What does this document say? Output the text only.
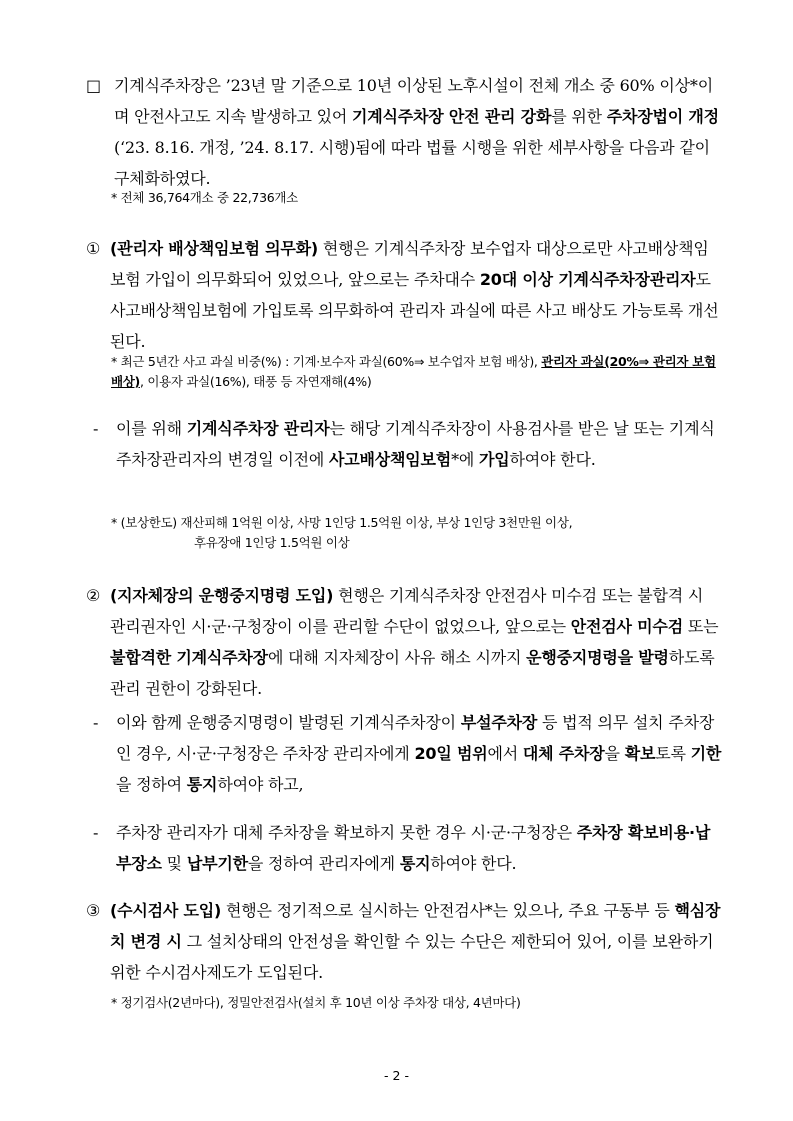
□ 기계식주차장은 ’23년 말 기준으로 10년 이상된 노후시설이 전체 개소 중 60% 이상*이며 안전사고도 지속 발생하고 있어 기계식주차장 안전 관리 강화를 위한 주차장법이 개정(‘23. 8.16. 개정, ’24. 8.17. 시행)됨에 따라 법률 시행을 위한 세부사항을 다음과 같이 구체화하였다.
* 전체 36,764개소 중 22,736개소
① (관리자 배상책임보험 의무화) 현행은 기계식주차장 보수업자 대상으로만 사고배상책임보험 가입이 의무화되어 있었으나, 앞으로는 주차대수 20대 이상 기계식주차장관리자도 사고배상책임보험에 가입토록 의무화하여 관리자 과실에 따른 사고 배상도 가능토록 개선된다.
* 최근 5년간 사고 과실 비중(%) : 기계·보수자 과실(60%⇒ 보수업자 보험 배상), 관리자 과실(20%⇒ 관리자 보험 배상), 이용자 과실(16%), 태풍 등 자연재해(4%)
- 이를 위해 기계식주차장 관리자는 해당 기계식주차장이 사용검사를 받은 날 또는 기계식주차장관리자의 변경일 이전에 사고배상책임보험*에 가입하여야 한다.
* (보상한도) 재산피해 1억원 이상, 사망 1인당 1.5억원 이상, 부상 1인당 3천만원 이상,
후유장애 1인당 1.5억원 이상
② (지자체장의 운행중지명령 도입) 현행은 기계식주차장 안전검사 미수검 또는 불합격 시 관리권자인 시·군·구청장이 이를 관리할 수단이 없었으나, 앞으로는 안전검사 미수검 또는 불합격한 기계식주차장에 대해 지자체장이 사유 해소 시까지 운행중지명령을 발령하도록 관리 권한이 강화된다.
- 이와 함께 운행중지명령이 발령된 기계식주차장이 부설주차장 등 법적 의무 설치 주차장인 경우, 시·군·구청장은 주차장 관리자에게 20일 범위에서 대체 주차장을 확보토록 기한을 정하여 통지하여야 하고,
- 주차장 관리자가 대체 주차장을 확보하지 못한 경우 시·군·구청장은 주차장 확보비용·납부장소 및 납부기한을 정하여 관리자에게 통지하여야 한다.
③ (수시검사 도입) 현행은 정기적으로 실시하는 안전검사*는 있으나, 주요 구동부 등 핵심장치 변경 시 그 설치상태의 안전성을 확인할 수 있는 수단은 제한되어 있어, 이를 보완하기 위한 수시검사제도가 도입된다.
* 정기검사(2년마다), 정밀안전검사(설치 후 10년 이상 주차장 대상, 4년마다)
- 2 -
